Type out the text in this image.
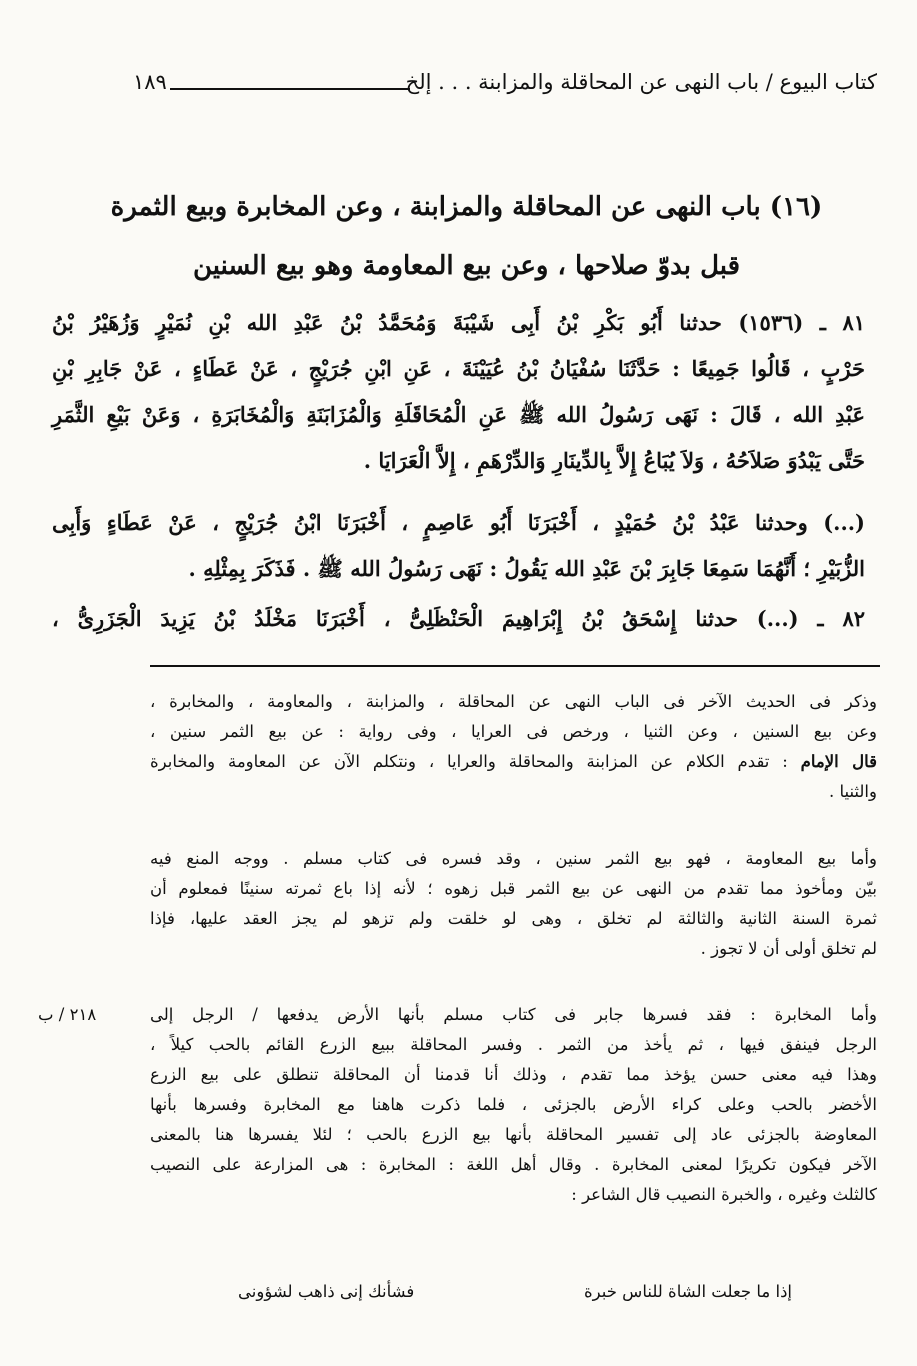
كتاب البيوع / باب النهى عن المحاقلة والمزابنة . . . إلخ
١٨٩
(١٦) باب النهى عن المحاقلة والمزابنة ، وعن المخابرة وبيع الثمرة
قبل بدوّ صلاحها ، وعن بيع المعاومة وهو بيع السنين
٨١ ـ (١٥٣٦) حدثنا أَبُو بَكْرِ بْنُ أَبِى شَيْبَةَ وَمُحَمَّدُ بْنُ عَبْدِ الله بْنِ نُمَيْرٍ وَزُهَيْرُ بْنُ
حَرْبٍ ، قَالُوا جَمِيعًا : حَدَّثَنَا سُفْيَانُ بْنُ عُيَيْنَةَ ، عَنِ ابْنِ جُرَيْجٍ ، عَنْ عَطَاءٍ ، عَنْ جَابِرِ بْنِ
عَبْدِ الله ، قَالَ : نَهَى رَسُولُ الله ﷺ عَنِ الْمُحَاقَلَةِ وَالْمُزَابَنَةِ وَالْمُخَابَرَةِ ، وَعَنْ بَيْعِ الثَّمَرِ
حَتَّى يَبْدُوَ صَلاَحُهُ ، وَلاَ يُبَاعُ إِلاَّ بِالدِّينَارِ وَالدِّرْهَمِ ، إِلاَّ الْعَرَايَا .
(...) وحدثنا عَبْدُ بْنُ حُمَيْدٍ ، أَخْبَرَنَا أَبُو عَاصِمٍ ، أَخْبَرَنَا ابْنُ جُرَيْجٍ ، عَنْ عَطَاءٍ وَأَبِى
الزُّبَيْرِ ؛ أَنَّهُمَا سَمِعَا جَابِرَ بْنَ عَبْدِ الله يَقُولُ : نَهَى رَسُولُ الله ﷺ . فَذَكَرَ بِمِثْلِهِ .
٨٢ ـ (...) حدثنا إِسْحَقُ بْنُ إِبْرَاهِيمَ الْحَنْظَلِىُّ ، أَخْبَرَنَا مَخْلَدُ بْنُ يَزِيدَ الْجَزَرِىُّ ،
وذكر فى الحديث الآخر فى الباب النهى عن المحاقلة ، والمزابنة ، والمعاومة ، والمخابرة ،
وعن بيع السنين ، وعن الثنيا ، ورخص فى العرايا ، وفى رواية : عن بيع الثمر سنين ،
قال الإمام : تقدم الكلام عن المزابنة والمحاقلة والعرايا ، ونتكلم الآن عن المعاومة والمخابرة
والثنيا .
وأما بيع المعاومة ، فهو بيع الثمر سنين ، وقد فسره فى كتاب مسلم . ووجه المنع فيه
بيّن ومأخوذ مما تقدم من النهى عن بيع الثمر قبل زهوه ؛ لأنه إذا باع ثمرته سنينًا فمعلوم أن
ثمرة السنة الثانية والثالثة لم تخلق ، وهى لو خلقت ولم تزهو لم يجز العقد عليها، فإذا
لم تخلق أولى أن لا تجوز .
وأما المخابرة : فقد فسرها جابر فى كتاب مسلم بأنها الأرض يدفعها / الرجل إلى
الرجل فينفق فيها ، ثم يأخذ من الثمر . وفسر المحاقلة ببيع الزرع القائم بالحب كيلاً ،
وهذا فيه معنى حسن يؤخذ مما تقدم ، وذلك أنا قدمنا أن المحاقلة تنطلق على بيع الزرع
الأخضر بالحب وعلى كراء الأرض بالجزئى ، فلما ذكرت هاهنا مع المخابرة وفسرها بأنها
المعاوضة بالجزئى عاد إلى تفسير المحاقلة بأنها بيع الزرع بالحب ؛ لئلا يفسرها هنا بالمعنى
الآخر فيكون تكريرًا لمعنى المخابرة . وقال أهل اللغة : المخابرة : هى المزارعة على النصيب
كالثلث وغيره ، والخبرة النصيب قال الشاعر :
٢١٨ / ب
إذا ما جعلت الشاة للناس خبرة
فشأنك إنى ذاهب لشؤونى
